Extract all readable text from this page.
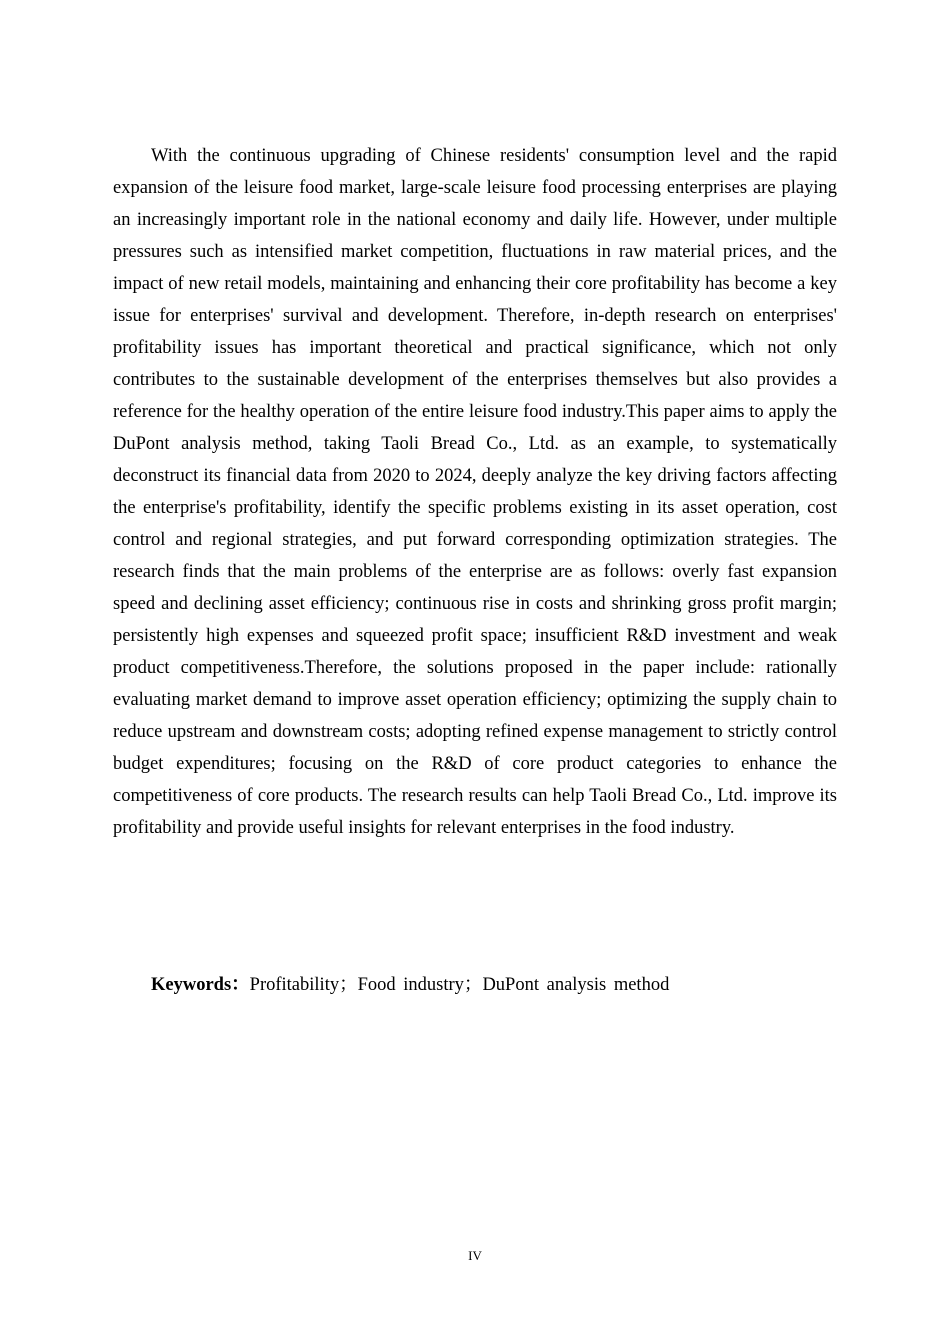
With the continuous upgrading of Chinese residents' consumption level and the rapid expansion of the leisure food market, large-scale leisure food processing enterprises are playing an increasingly important role in the national economy and daily life. However, under multiple pressures such as intensified market competition, fluctuations in raw material prices, and the impact of new retail models, maintaining and enhancing their core profitability has become a key issue for enterprises' survival and development. Therefore, in-depth research on enterprises' profitability issues has important theoretical and practical significance, which not only contributes to the sustainable development of the enterprises themselves but also provides a reference for the healthy operation of the entire leisure food industry.This paper aims to apply the DuPont analysis method, taking Taoli Bread Co., Ltd. as an example, to systematically deconstruct its financial data from 2020 to 2024, deeply analyze the key driving factors affecting the enterprise's profitability, identify the specific problems existing in its asset operation, cost control and regional strategies, and put forward corresponding optimization strategies. The research finds that the main problems of the enterprise are as follows: overly fast expansion speed and declining asset efficiency; continuous rise in costs and shrinking gross profit margin; persistently high expenses and squeezed profit space; insufficient R&D investment and weak product competitiveness.Therefore, the solutions proposed in the paper include: rationally evaluating market demand to improve asset operation efficiency; optimizing the supply chain to reduce upstream and downstream costs; adopting refined expense management to strictly control budget expenditures; focusing on the R&D of core product categories to enhance the competitiveness of core products. The research results can help Taoli Bread Co., Ltd. improve its profitability and provide useful insights for relevant enterprises in the food industry.

Keywords：Profitability；Food industry；DuPont analysis method
IV
